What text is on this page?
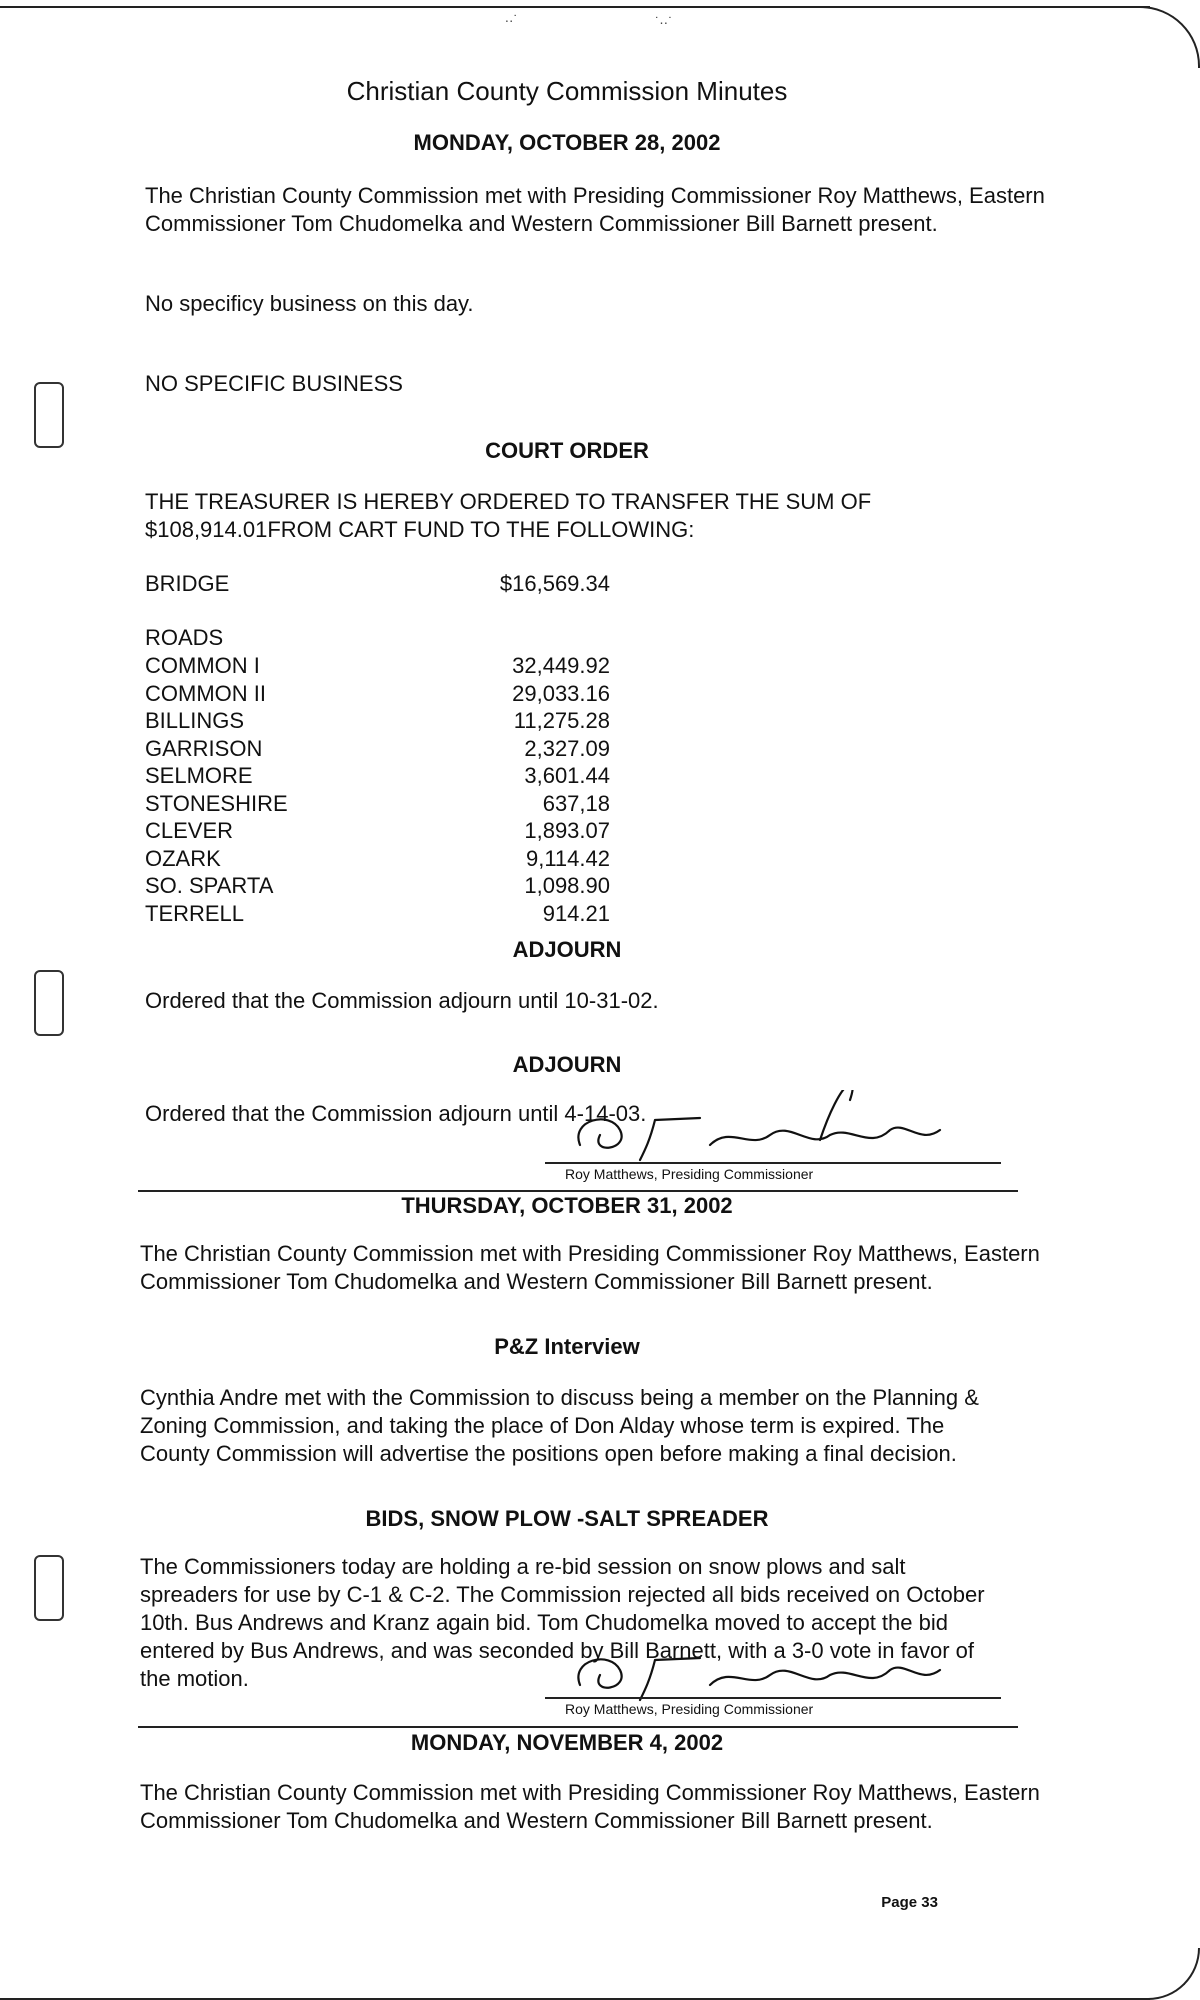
∙·˙	˙∙·˙
Christian County Commission Minutes
MONDAY, OCTOBER 28, 2002
The Christian County Commission met with Presiding Commissioner Roy Matthews, Eastern Commissioner Tom Chudomelka and Western Commissioner Bill Barnett present.
No specificy business on this day.
NO SPECIFIC BUSINESS
COURT ORDER
THE TREASURER IS HEREBY ORDERED TO TRANSFER THE SUM OF $108,914.01FROM CART FUND TO THE FOLLOWING:
BRIDGE	$16,569.34
ROADS
COMMON I	32,449.92
COMMON II	29,033.16
BILLINGS	11,275.28
GARRISON	2,327.09
SELMORE	3,601.44
STONESHIRE	637,18
CLEVER	1,893.07
OZARK	9,114.42
SO. SPARTA	1,098.90
TERRELL	914.21
ADJOURN
Ordered that the Commission adjourn until 10-31-02.
ADJOURN
Ordered that the Commission adjourn until 4-14-03.
Roy Matthews, Presiding Commissioner
THURSDAY, OCTOBER 31, 2002
The Christian County Commission met with Presiding Commissioner Roy Matthews, Eastern Commissioner Tom Chudomelka and Western Commissioner Bill Barnett present.
P&Z Interview
Cynthia Andre met with the Commission to discuss being a member on the Planning & Zoning Commission, and taking the place of Don Alday whose term is expired. The County Commission will advertise the positions open before making a final decision.
BIDS, SNOW PLOW -SALT SPREADER
The Commissioners today are holding a re-bid session on snow plows and salt spreaders for use by C-1 & C-2. The Commission rejected all bids received on October 10th. Bus Andrews and Kranz again bid. Tom Chudomelka moved to accept the bid entered by Bus Andrews, and was seconded by Bill Barnett, with a 3-0 vote in favor of the motion.
Roy Matthews, Presiding Commissioner
MONDAY, NOVEMBER 4, 2002
The Christian County Commission met with Presiding Commissioner Roy Matthews, Eastern Commissioner Tom Chudomelka and Western Commissioner Bill Barnett present.
Page 33
